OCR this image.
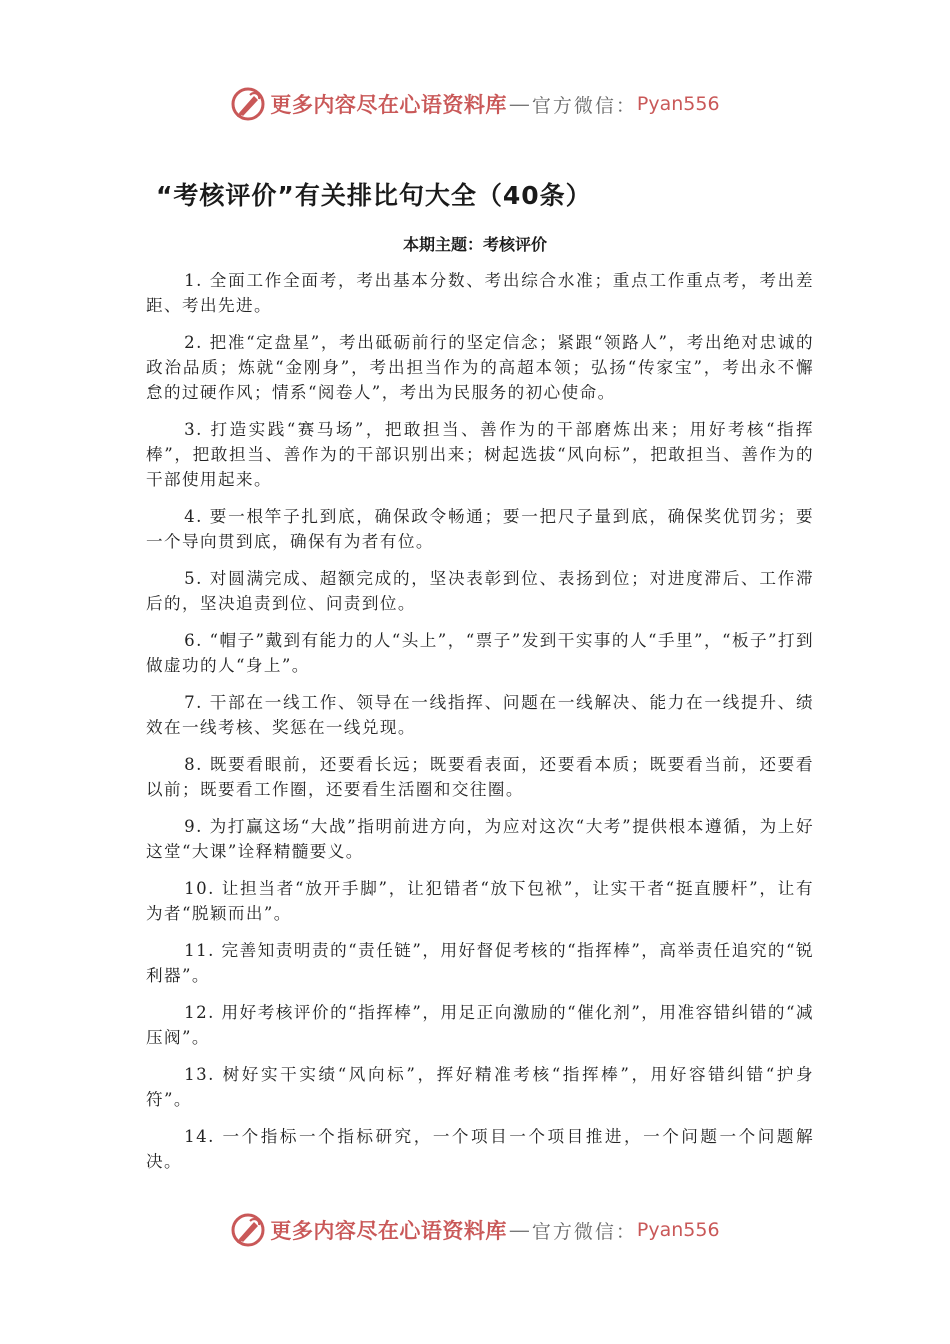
更多内容尽在心语资料库 — 官方微信： Pyan556
“考核评价”有关排比句大全（40条）
本期主题：考核评价

1. 全面工作全面考，考出基本分数、考出综合水准；重点工作重点考，考出差距、考出先进。

2. 把准“定盘星”，考出砥砺前行的坚定信念；紧跟“领路人”，考出绝对忠诚的政治品质；炼就“金刚身”，考出担当作为的高超本领；弘扬“传家宝”，考出永不懈怠的过硬作风；情系“阅卷人”，考出为民服务的初心使命。

3. 打造实践“赛马场”，把敢担当、善作为的干部磨炼出来；用好考核“指挥棒”，把敢担当、善作为的干部识别出来；树起选拔“风向标”，把敢担当、善作为的干部使用起来。

4. 要一根竿子扎到底，确保政令畅通；要一把尺子量到底，确保奖优罚劣；要一个导向贯到底，确保有为者有位。

5. 对圆满完成、超额完成的，坚决表彰到位、表扬到位；对进度滞后、工作滞后的，坚决追责到位、问责到位。

6. “帽子”戴到有能力的人“头上”，“票子”发到干实事的人“手里”，“板子”打到做虚功的人“身上”。

7. 干部在一线工作、领导在一线指挥、问题在一线解决、能力在一线提升、绩效在一线考核、奖惩在一线兑现。

8. 既要看眼前，还要看长远；既要看表面，还要看本质；既要看当前，还要看以前；既要看工作圈，还要看生活圈和交往圈。

9. 为打赢这场“大战”指明前进方向，为应对这次“大考”提供根本遵循，为上好这堂“大课”诠释精髓要义。

10. 让担当者“放开手脚”，让犯错者“放下包袱”，让实干者“挺直腰杆”，让有为者“脱颖而出”。

11. 完善知责明责的“责任链”，用好督促考核的“指挥棒”，高举责任追究的“锐利器”。

12. 用好考核评价的“指挥棒”，用足正向激励的“催化剂”，用准容错纠错的“减压阀”。

13. 树好实干实绩“风向标”，挥好精准考核“指挥棒”，用好容错纠错“护身符”。

14. 一个指标一个指标研究，一个项目一个项目推进，一个问题一个问题解决。

更多内容尽在心语资料库 — 官方微信： Pyan556
